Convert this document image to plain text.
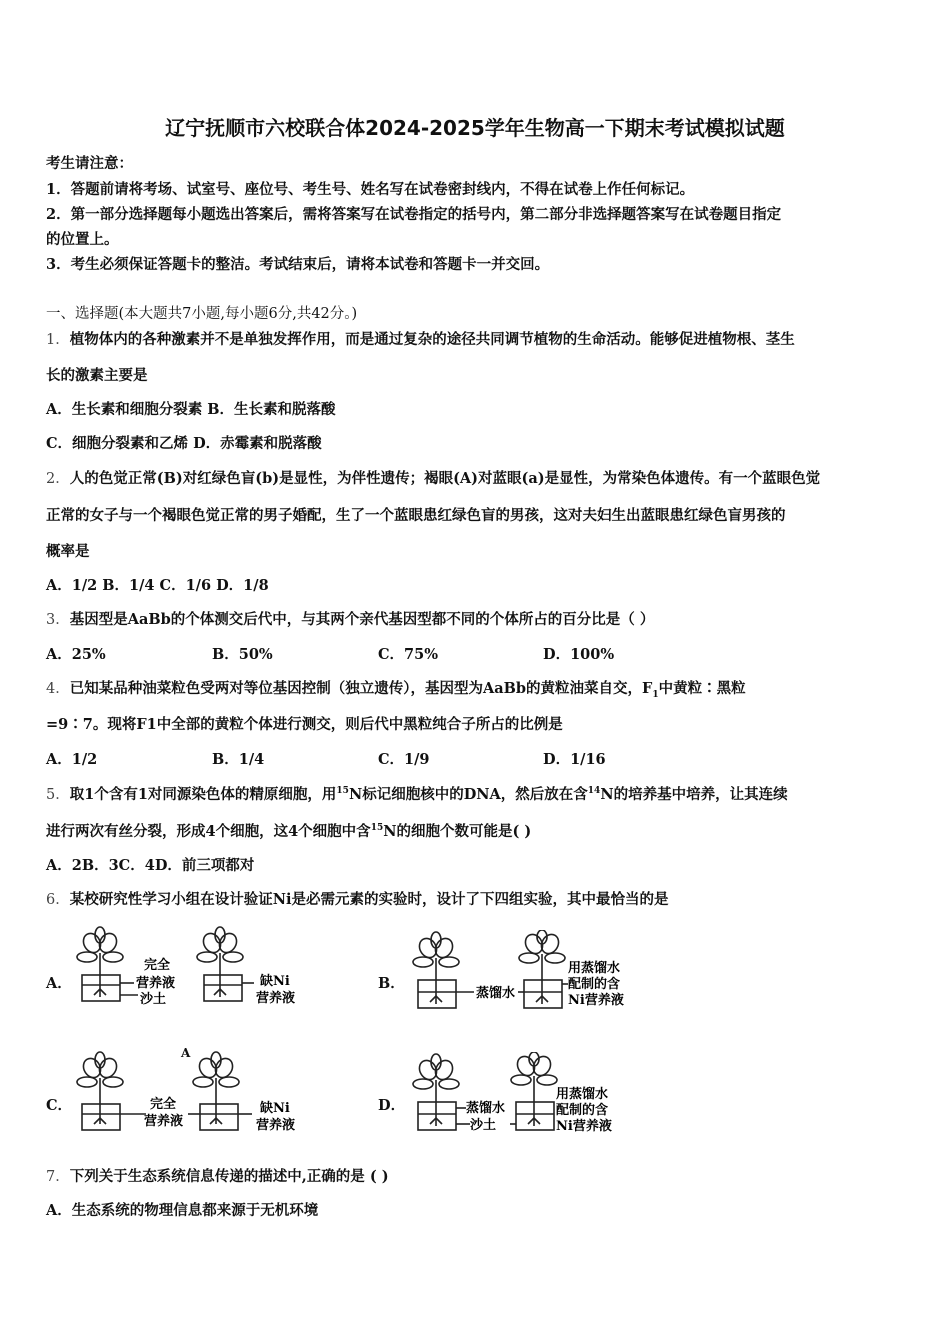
辽宁抚顺市六校联合体2024-2025学年生物高一下期末考试模拟试题
考生请注意：
1．答题前请将考场、试室号、座位号、考生号、姓名写在试卷密封线内，不得在试卷上作任何标记。
2．第一部分选择题每小题选出答案后，需将答案写在试卷指定的括号内，第二部分非选择题答案写在试卷题目指定
的位置上。
3．考生必须保证答题卡的整洁。考试结束后，请将本试卷和答题卡一并交回。
一、选择题(本大题共7小题,每小题6分,共42分。)
1．植物体内的各种激素并不是单独发挥作用，而是通过复杂的途径共同调节植物的生命活动。能够促进植物根、茎生
长的激素主要是
A．生长素和细胞分裂素 B．生长素和脱落酸
C．细胞分裂素和乙烯 D．赤霉素和脱落酸
2．人的色觉正常(B)对红绿色盲(b)是显性，为伴性遗传；褐眼(A)对蓝眼(a)是显性，为常染色体遗传。有一个蓝眼色觉
正常的女子与一个褐眼色觉正常的男子婚配，生了一个蓝眼患红绿色盲的男孩，这对夫妇生出蓝眼患红绿色盲男孩的
概率是
A．1/2 B．1/4 C．1/6 D．1/8
3．基因型是AaBb的个体测交后代中，与其两个亲代基因型都不同的个体所占的百分比是（ ）
A．25%	B．50%	C．75%	D．100%
4．已知某品种油菜粒色受两对等位基因控制（独立遗传），基因型为AaBb的黄粒油菜自交，$F_1$中黄粒∶黑粒
=9∶7。现将F1中全部的黄粒个体进行测交，则后代中黑粒纯合子所占的比例是
A．1/2	B．1/4	C．1/9	D．1/16
5．取1个含有1对同源染色体的精原细胞，用$^{15}$N标记细胞核中的DNA，然后放在含$^{14}$N的培养基中培养，让其连续
进行两次有丝分裂，形成4个细胞，这4个细胞中含$^{15}$N的细胞个数可能是( )
A．2B．3C．4D．前三项都对
6．某校研究性学习小组在设计验证Ni是必需元素的实验时，设计了下四组实验，其中最恰当的是
A．	B．
C．	D．
A
完全
营养液
沙土
缺Ni
营养液	蒸馏水
用蒸馏水
配制的含
Ni营养液
完全
营养液
缺Ni
营养液
蒸馏水
沙土
用蒸馏水
配制的含
Ni营养液
7．下列关于生态系统信息传递的描述中,正确的是 ( )
A．生态系统的物理信息都来源于无机环境
